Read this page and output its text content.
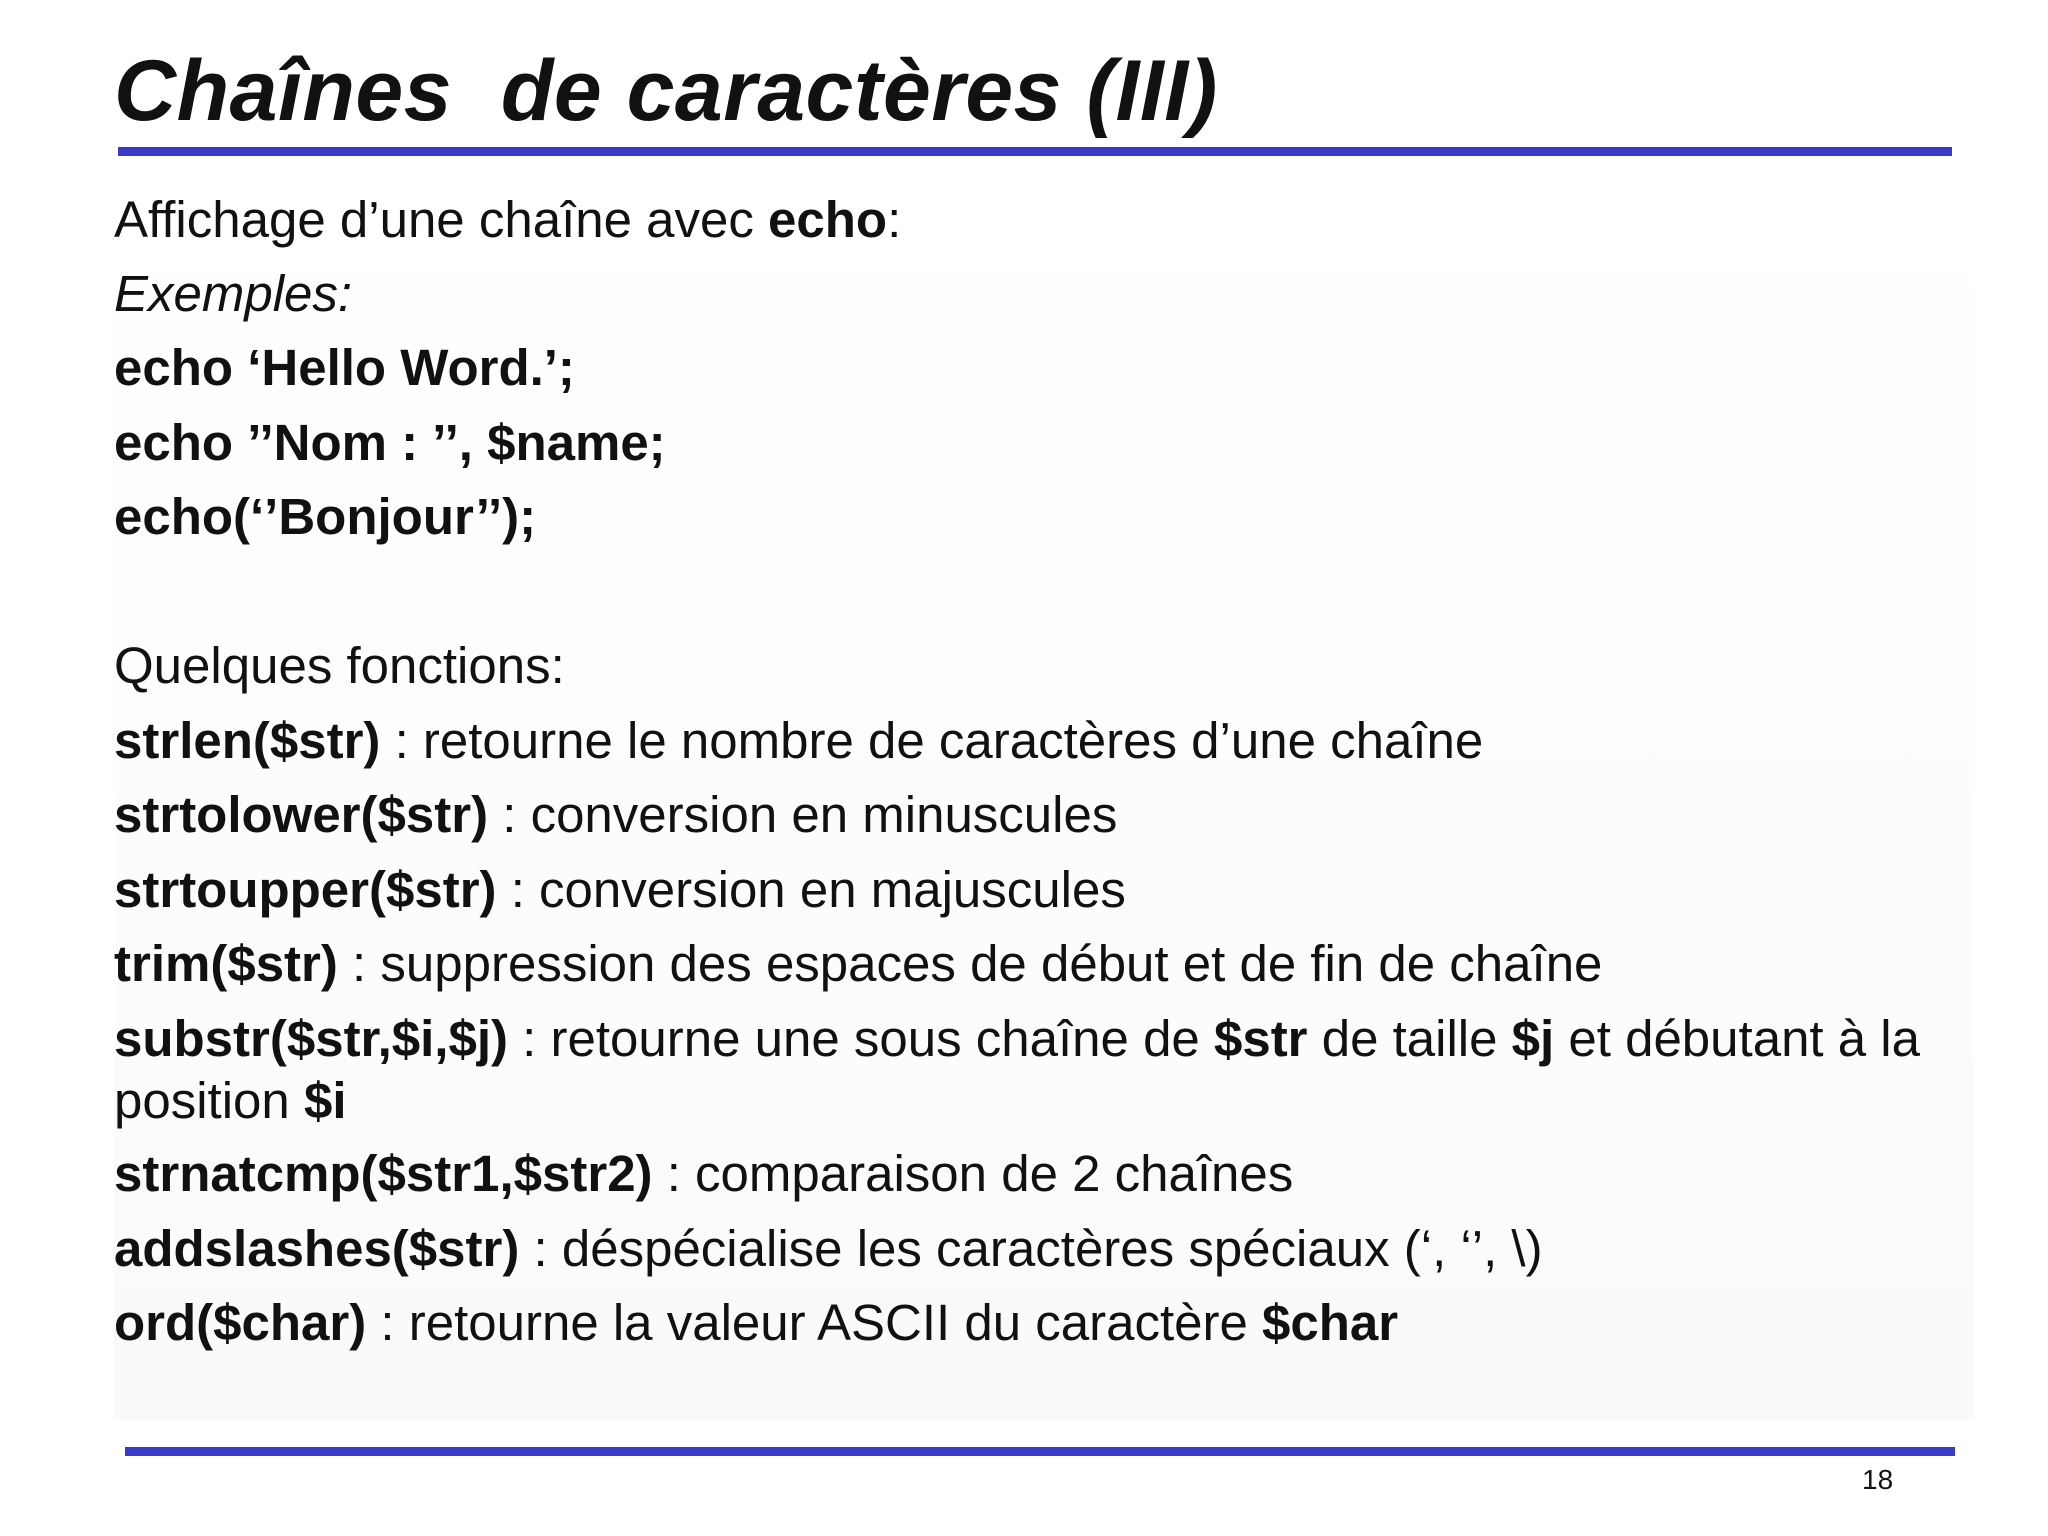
Chaînes  de caractères (III)
Affichage d’une chaîne avec echo:
Exemples:
echo ‘Hello Word.’;
echo ’’Nom : ’’, $name;
echo(‘’Bonjour’’);
Quelques fonctions:
strlen($str) : retourne le nombre de caractères d’une chaîne
strtolower($str) : conversion en minuscules
strtoupper($str) : conversion en majuscules
trim($str) : suppression des espaces de début et de fin de chaîne
substr($str,$i,$j) : retourne une sous chaîne de $str de taille $j et débutant à la position $i
strnatcmp($str1,$str2) : comparaison de 2 chaînes
addslashes($str) : déspécialise les caractères spéciaux (‘, ‘’, \)
ord($char) : retourne la valeur ASCII du caractère $char
18
